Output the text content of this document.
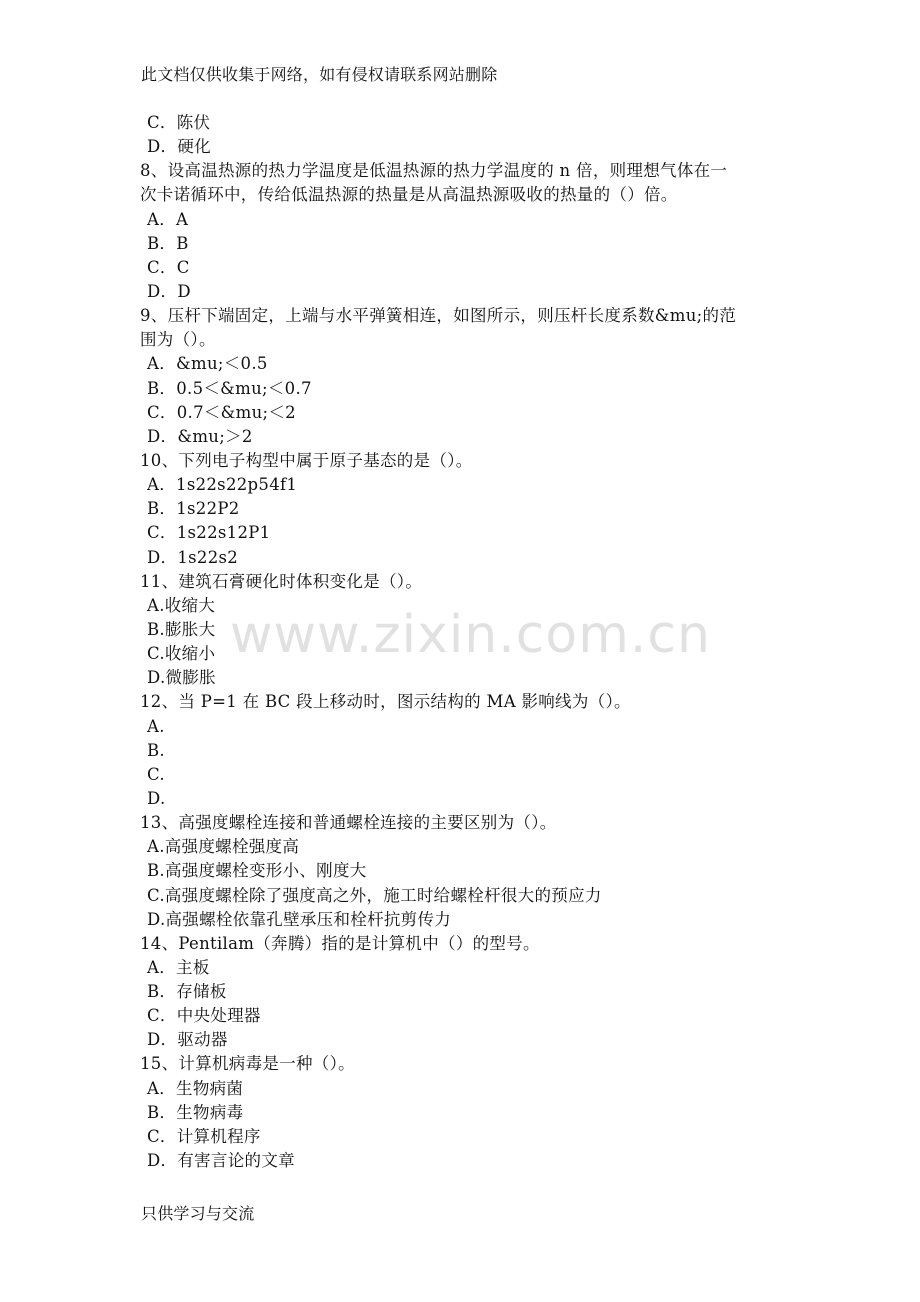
此文档仅供收集于网络，如有侵权请联系网站删除
C．陈伏
D．硬化
8、设高温热源的热力学温度是低温热源的热力学温度的 n 倍，则理想气体在一
次卡诺循环中，传给低温热源的热量是从高温热源吸收的热量的（）倍。
A．A
B．B
C．C
D．D
9、压杆下端固定，上端与水平弹簧相连，如图所示，则压杆长度系数&mu;的范
围为（）。
A．&mu;＜0.5
B．0.5＜&mu;＜0.7
C．0.7＜&mu;＜2
D．&mu;＞2
10、下列电子构型中属于原子基态的是（）。
A．1s22s22p54f1
B．1s22P2
C．1s22s12P1
D．1s22s2
11、建筑石膏硬化时体积变化是（）。
A.收缩大
B.膨胀大
C.收缩小
D.微膨胀
12、当 P=1 在 BC 段上移动时，图示结构的 MA 影响线为（）。
A.
B.
C.
D.
13、高强度螺栓连接和普通螺栓连接的主要区别为（）。
A.高强度螺栓强度高
B.高强度螺栓变形小、刚度大
C.高强度螺栓除了强度高之外，施工时给螺栓杆很大的预应力
D.高强螺栓依靠孔壁承压和栓杆抗剪传力
14、Pentilam（奔腾）指的是计算机中（）的型号。
A．主板
B．存储板
C．中央处理器
D．驱动器
15、计算机病毒是一种（）。
A．生物病菌
B．生物病毒
C．计算机程序
D．有害言论的文章
www.zixin.com.cn
只供学习与交流
